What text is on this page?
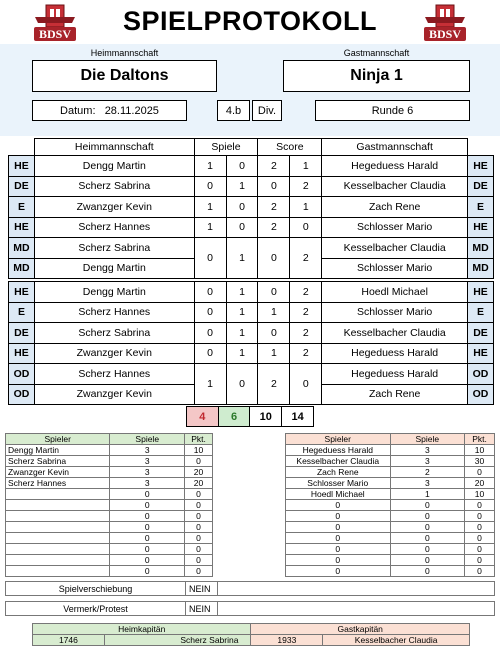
BDSV	SPIELPROTOKOLL	BDSV
Heimmannschaft	Gastmannschaft
Die Daltons	Ninja 1
Datum:
28.11.2025	4.b Div.	Runde 6
	Heimmannschaft	Spiele		Score		Gastmannschaft	
HE	Dengg Martin	1	0	2	1	Hegeduess Harald	HE
DE	Scherz Sabrina	0	1	0	2	Kesselbacher Claudia	DE
E	Zwanzger Kevin	1	0	2	1	Zach Rene	E
HE	Scherz Hannes	1	0	2	0	Schlosser Mario	HE
MD	Scherz Sabrina	0	1	0	2	Kesselbacher Claudia	MD
MD	Dengg Martin					Schlosser Mario	MD

HE	Dengg Martin	0	1	0	2	Hoedl Michael	HE
E	Scherz Hannes	0	1	1	2	Schlosser Mario	E
DE	Scherz Sabrina	0	1	0	2	Kesselbacher Claudia	DE
HE	Zwanzger Kevin	0	1	1	2	Hegeduess Harald	HE
OD	Scherz Hannes	1	0	2	0	Hegeduess Harald	OD
OD	Zwanzger Kevin					Zach Rene	OD
4	6	10	14
Spieler	Spiele	Pkt.
Dengg Martin	3	10
Scherz Sabrina	3	0
Zwanzger Kevin	3	20
Scherz Hannes	3	20
	0	0
	0	0
	0	0
	0	0
	0	0
	0	0
	0	0
	0	0
Spieler	Spiele	Pkt.
Hegeduess Harald	3	10
Kesselbacher Claudia	3	30
Zach Rene	2	0
Schlosser Mario	3	20
Hoedl Michael	1	10
0	0	0
0	0	0
0	0	0
0	0	0
0	0	0
0	0	0
0	0	0
Spielverschiebung	NEIN	
Vermerk/Protest	NEIN	
Heimkapitän		Gastkapitän	
1746	Scherz Sabrina	1933	Kesselbacher Claudia
